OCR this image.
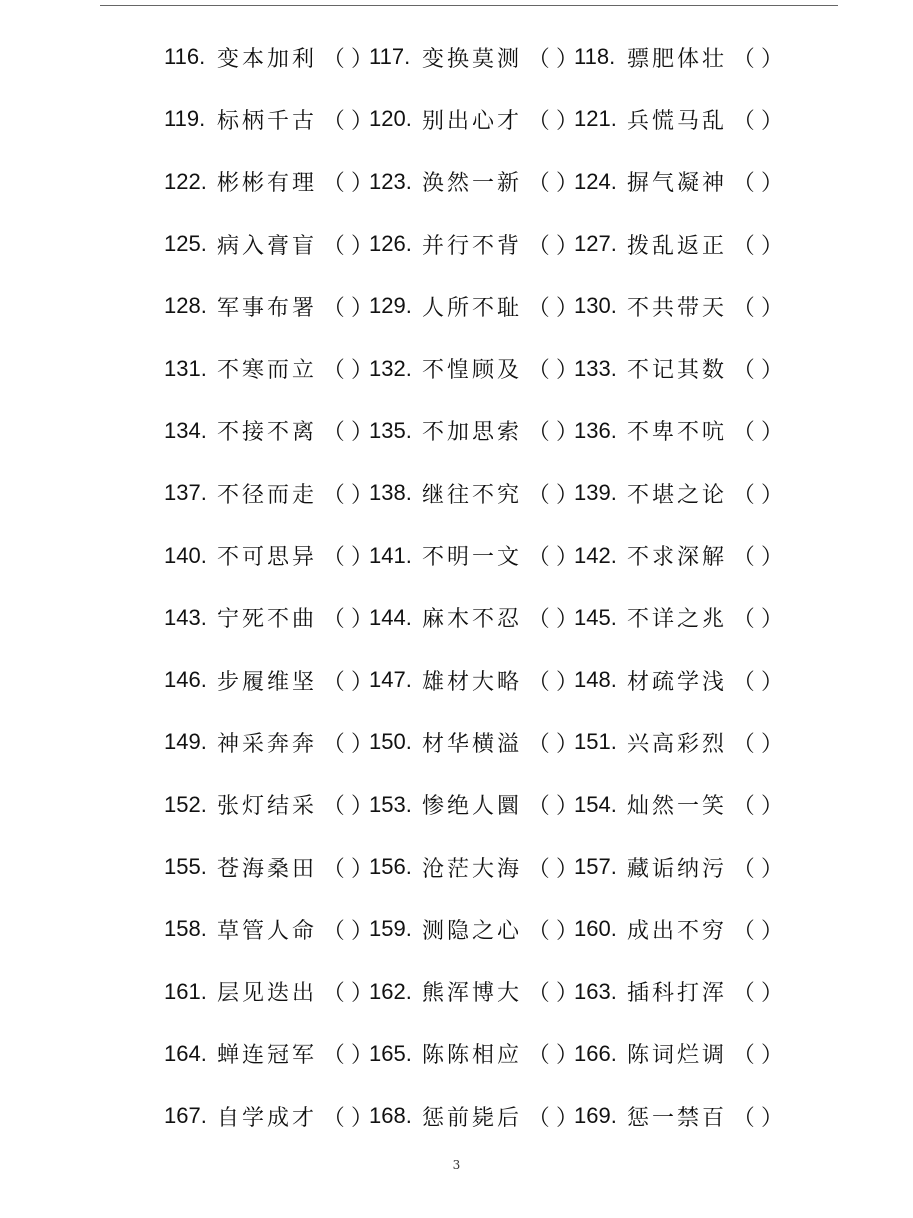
116. 变本加利 （ ）
117. 变换莫测 （ ）
118. 骠肥体壮 （ ）
119. 标柄千古 （ ）
120. 别出心才 （ ）
121. 兵慌马乱 （ ）
122. 彬彬有理 （ ）
123. 涣然一新 （ ）
124. 摒气凝神 （ ）
125. 病入膏盲 （ ）
126. 并行不背 （ ）
127. 拨乱返正 （ ）
128. 军事布署 （ ）
129. 人所不耻 （ ）
130. 不共带天 （ ）
131. 不寒而立 （ ）
132. 不惶顾及 （ ）
133. 不记其数 （ ）
134. 不接不离 （ ）
135. 不加思索 （ ）
136. 不卑不吭 （ ）
137. 不径而走 （ ）
138. 继往不究 （ ）
139. 不堪之论 （ ）
140. 不可思异 （ ）
141. 不明一文 （ ）
142. 不求深解 （ ）
143. 宁死不曲 （ ）
144. 麻木不忍 （ ）
145. 不详之兆 （ ）
146. 步履维坚 （ ）
147. 雄材大略 （ ）
148. 材疏学浅 （ ）
149. 神采奔奔 （ ）
150. 材华横溢 （ ）
151. 兴高彩烈 （ ）
152. 张灯结采 （ ）
153. 惨绝人圜 （ ）
154. 灿然一笑 （ ）
155. 苍海桑田 （ ）
156. 沧茫大海 （ ）
157. 藏诟纳污 （ ）
158. 草管人命 （ ）
159. 测隐之心 （ ）
160. 成出不穷 （ ）
161. 层见迭出 （ ）
162. 熊浑博大 （ ）
163. 插科打浑 （ ）
164. 蝉连冠军 （ ）
165. 陈陈相应 （ ）
166. 陈词烂调 （ ）
167. 自学成才 （ ）
168. 惩前毙后 （ ）
169. 惩一禁百 （ ）
3
